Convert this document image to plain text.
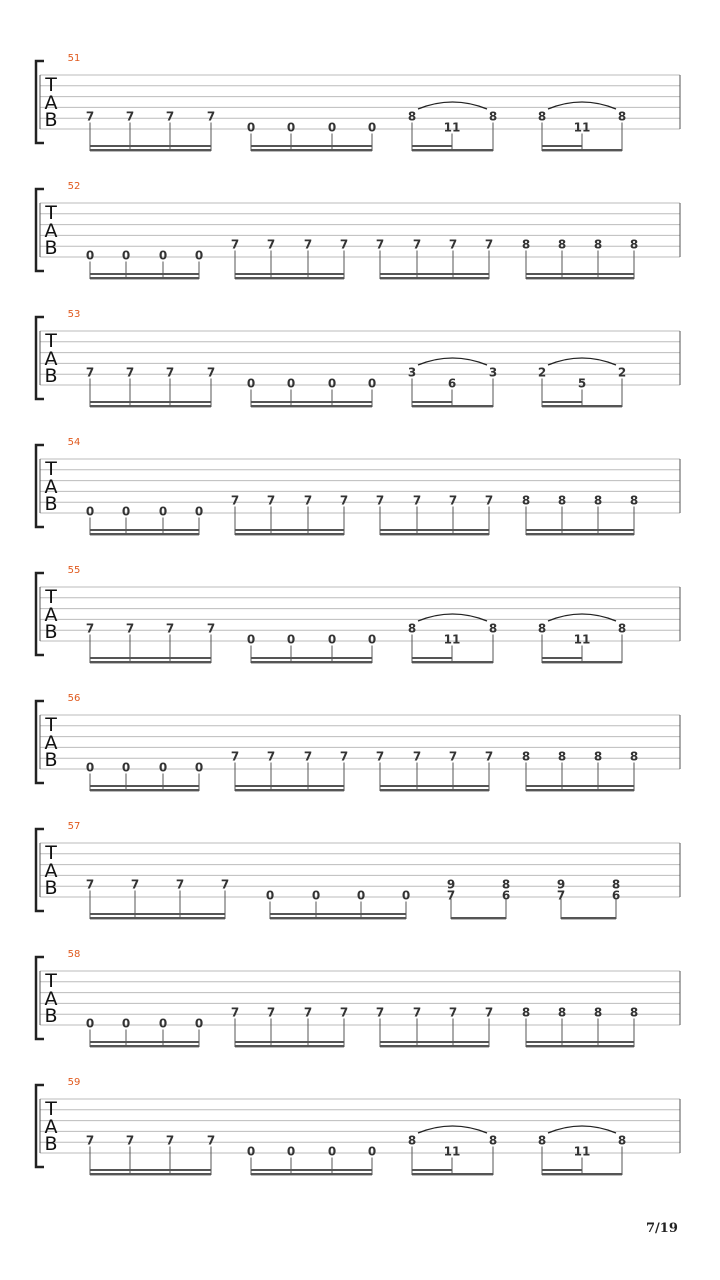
51
T
A
B 7	7	7	7
0	0	0	0
8
11
8	8
11
8
52
T
A
B 0 0 0 0
7 7 7 7 7 7 7 7 8 8 8 8
53
T
A
B 7	7	7	7
0	0	0	0
3
6
3	2
5
2
54
T
A
B 0 0 0 0
7 7 7 7 7 7 7 7 8 8 8 8
55
T
A
B 7	7	7	7
0	0	0	0
8
11
8	8
11
8
56
T
A
B 0 0 0 0
7 7 7 7 7 7 7 7 8 8 8 8
57
T
A
B 7	7	7	7
0	0	0	0
9
7
8
6
9
7
8
6
58
T
A
B 0 0 0 0
7 7 7 7 7 7 7 7 8 8 8 8
59
T
A
B 7	7	7	7
0	0	0	0
8
11
8	8
11
8
7/19
